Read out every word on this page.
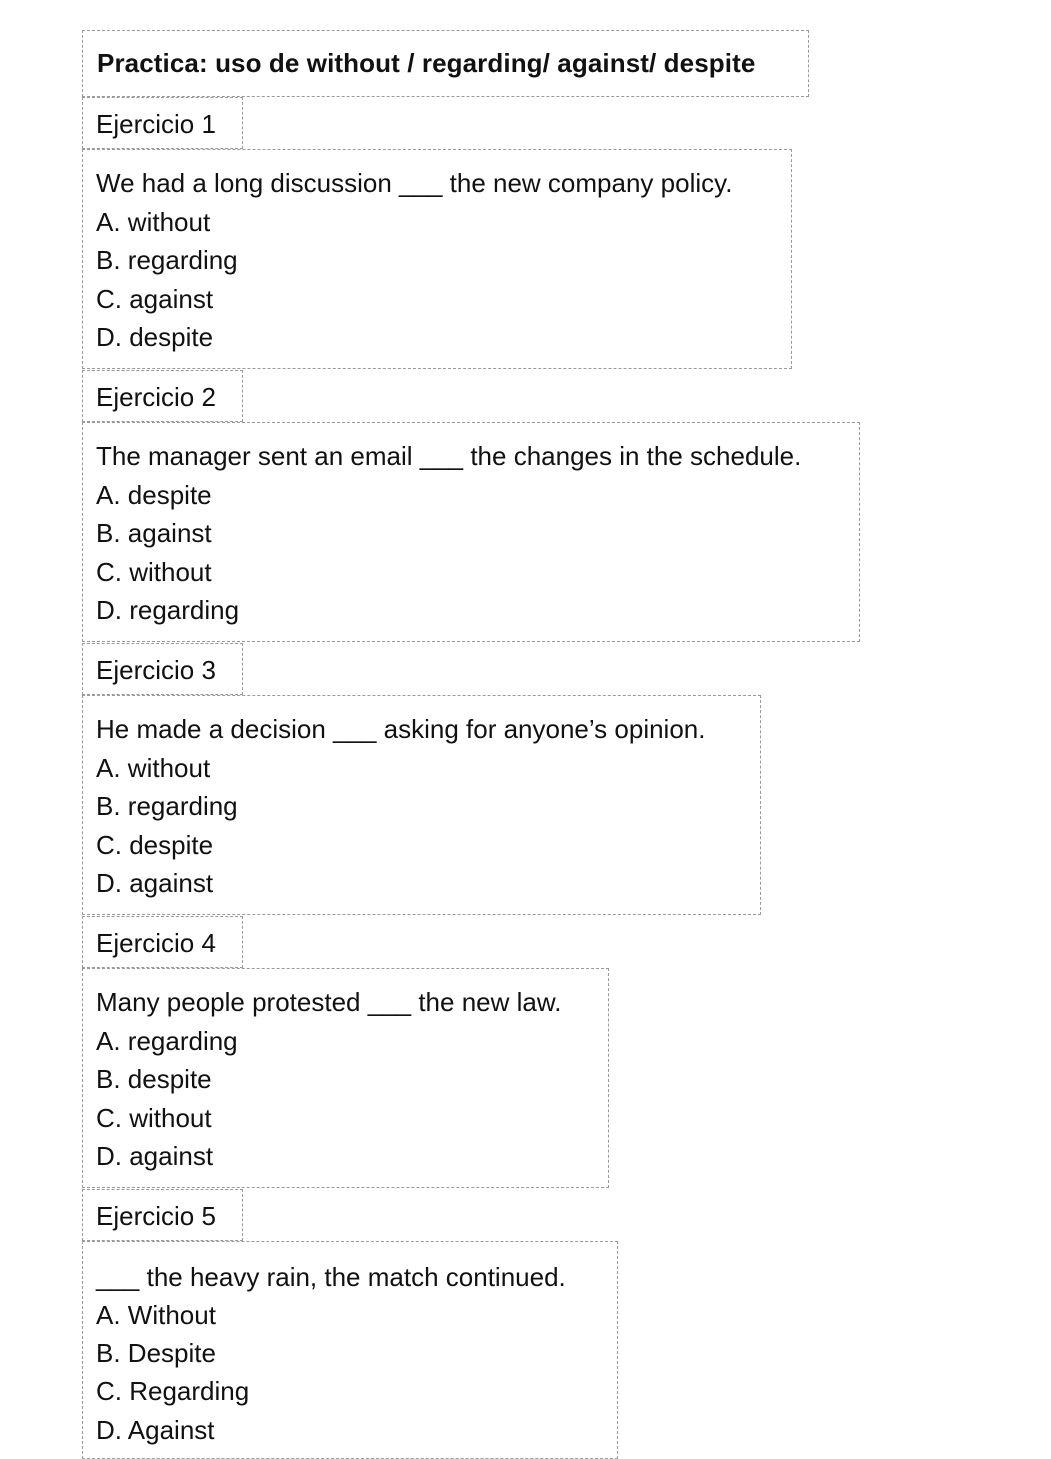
Practica: uso de without / regarding/ against/ despite
Ejercicio 1
We had a long discussion ___ the new company policy.
A. without
B. regarding
C. against
D. despite
Ejercicio 2
The manager sent an email ___ the changes in the schedule.
A. despite
B. against
C. without
D. regarding
Ejercicio 3
He made a decision ___ asking for anyone’s opinion.
A. without
B. regarding
C. despite
D. against
Ejercicio 4
Many people protested ___ the new law.
A. regarding
B. despite
C. without
D. against
Ejercicio 5
___ the heavy rain, the match continued.
A. Without
B. Despite
C. Regarding
D. Against
